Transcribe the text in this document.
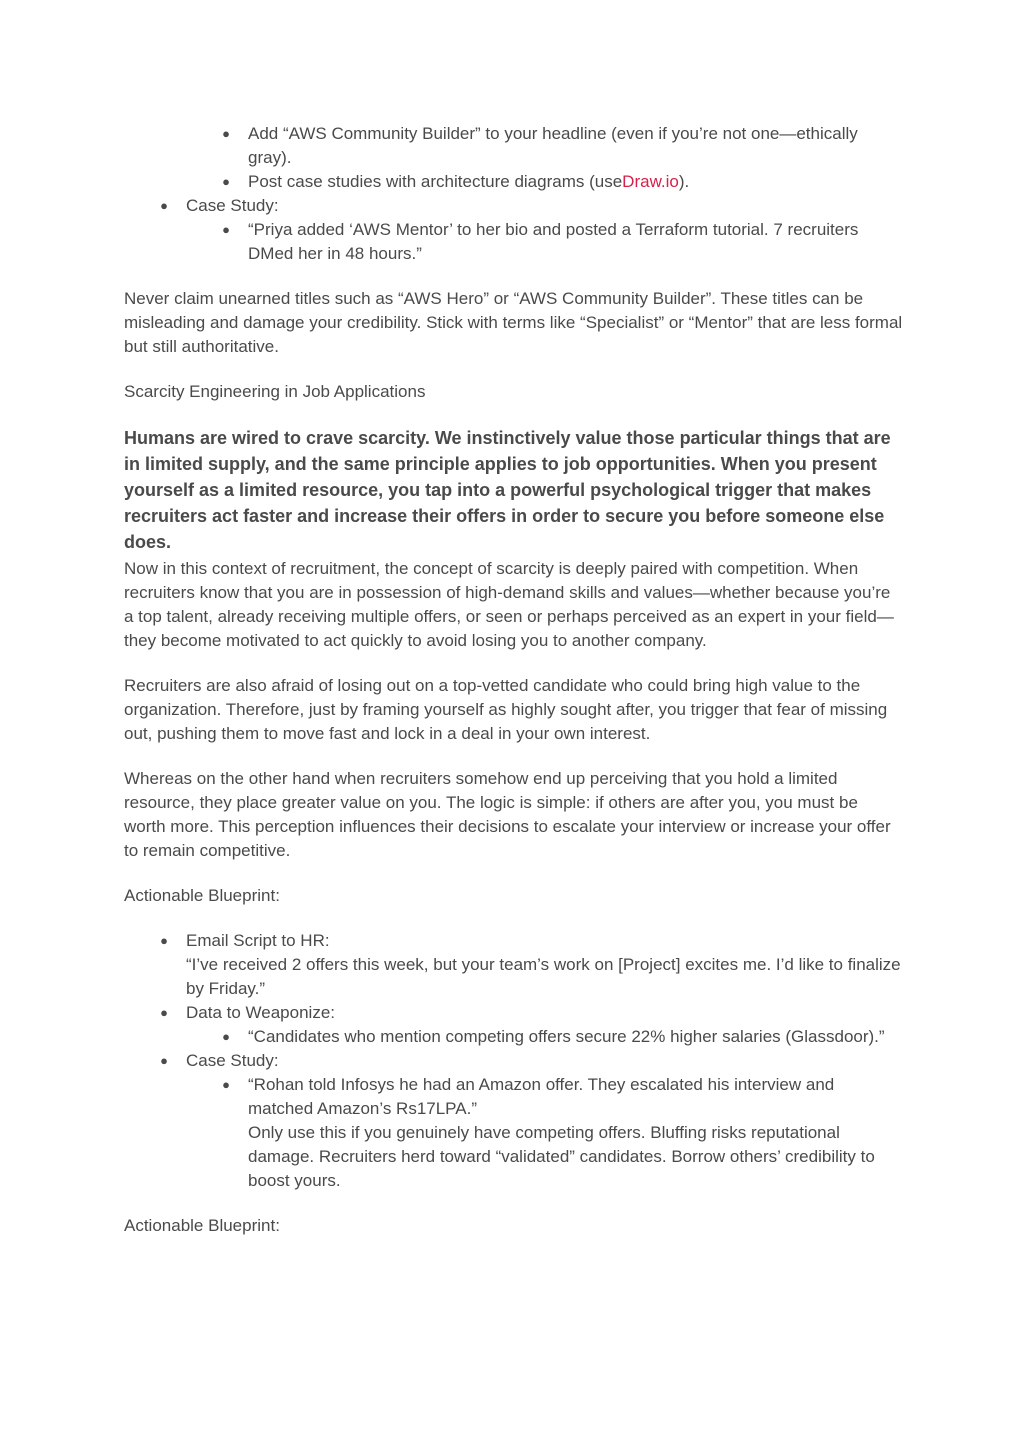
●	Add “AWS Community Builder” to your headline (even if you’re not one—ethically gray).
●	Post case studies with architecture diagrams (useDraw.io).
●	Case Study:
●	“Priya added ‘AWS Mentor’ to her bio and posted a Terraform tutorial. 7 recruiters DMed her in 48 hours.”

Never claim unearned titles such as “AWS Hero” or “AWS Community Builder”. These titles can be misleading and damage your credibility. Stick with terms like “Specialist” or “Mentor” that are less formal but still authoritative.

Scarcity Engineering in Job Applications

Humans are wired to crave scarcity. We instinctively value those particular things that are in limited supply, and the same principle applies to job opportunities. When you present yourself as a limited resource, you tap into a powerful psychological trigger that makes recruiters act faster and increase their offers in order to secure you before someone else does.

Now in this context of recruitment, the concept of scarcity is deeply paired with competition. When recruiters know that you are in possession of high-demand skills and values—whether because you’re a top talent, already receiving multiple offers, or seen or perhaps perceived as an expert in your field—they become motivated to act quickly to avoid losing you to another company.

Recruiters are also afraid of losing out on a top-vetted candidate who could bring high value to the organization. Therefore, just by framing yourself as highly sought after, you trigger that fear of missing out, pushing them to move fast and lock in a deal in your own interest.

Whereas on the other hand when recruiters somehow end up perceiving that you hold a limited resource, they place greater value on you. The logic is simple: if others are after you, you must be worth more. This perception influences their decisions to escalate your interview or increase your offer to remain competitive.

Actionable Blueprint:

●	Email Script to HR:
“I’ve received 2 offers this week, but your team’s work on [Project] excites me. I’d like to finalize by Friday.”
●	Data to Weaponize:
●	“Candidates who mention competing offers secure 22% higher salaries (Glassdoor).”
●	Case Study:
●	“Rohan told Infosys he had an Amazon offer. They escalated his interview and matched Amazon’s Rs17LPA.”
Only use this if you genuinely have competing offers. Bluffing risks reputational damage. Recruiters herd toward “validated” candidates. Borrow others’ credibility to boost yours.

Actionable Blueprint:
